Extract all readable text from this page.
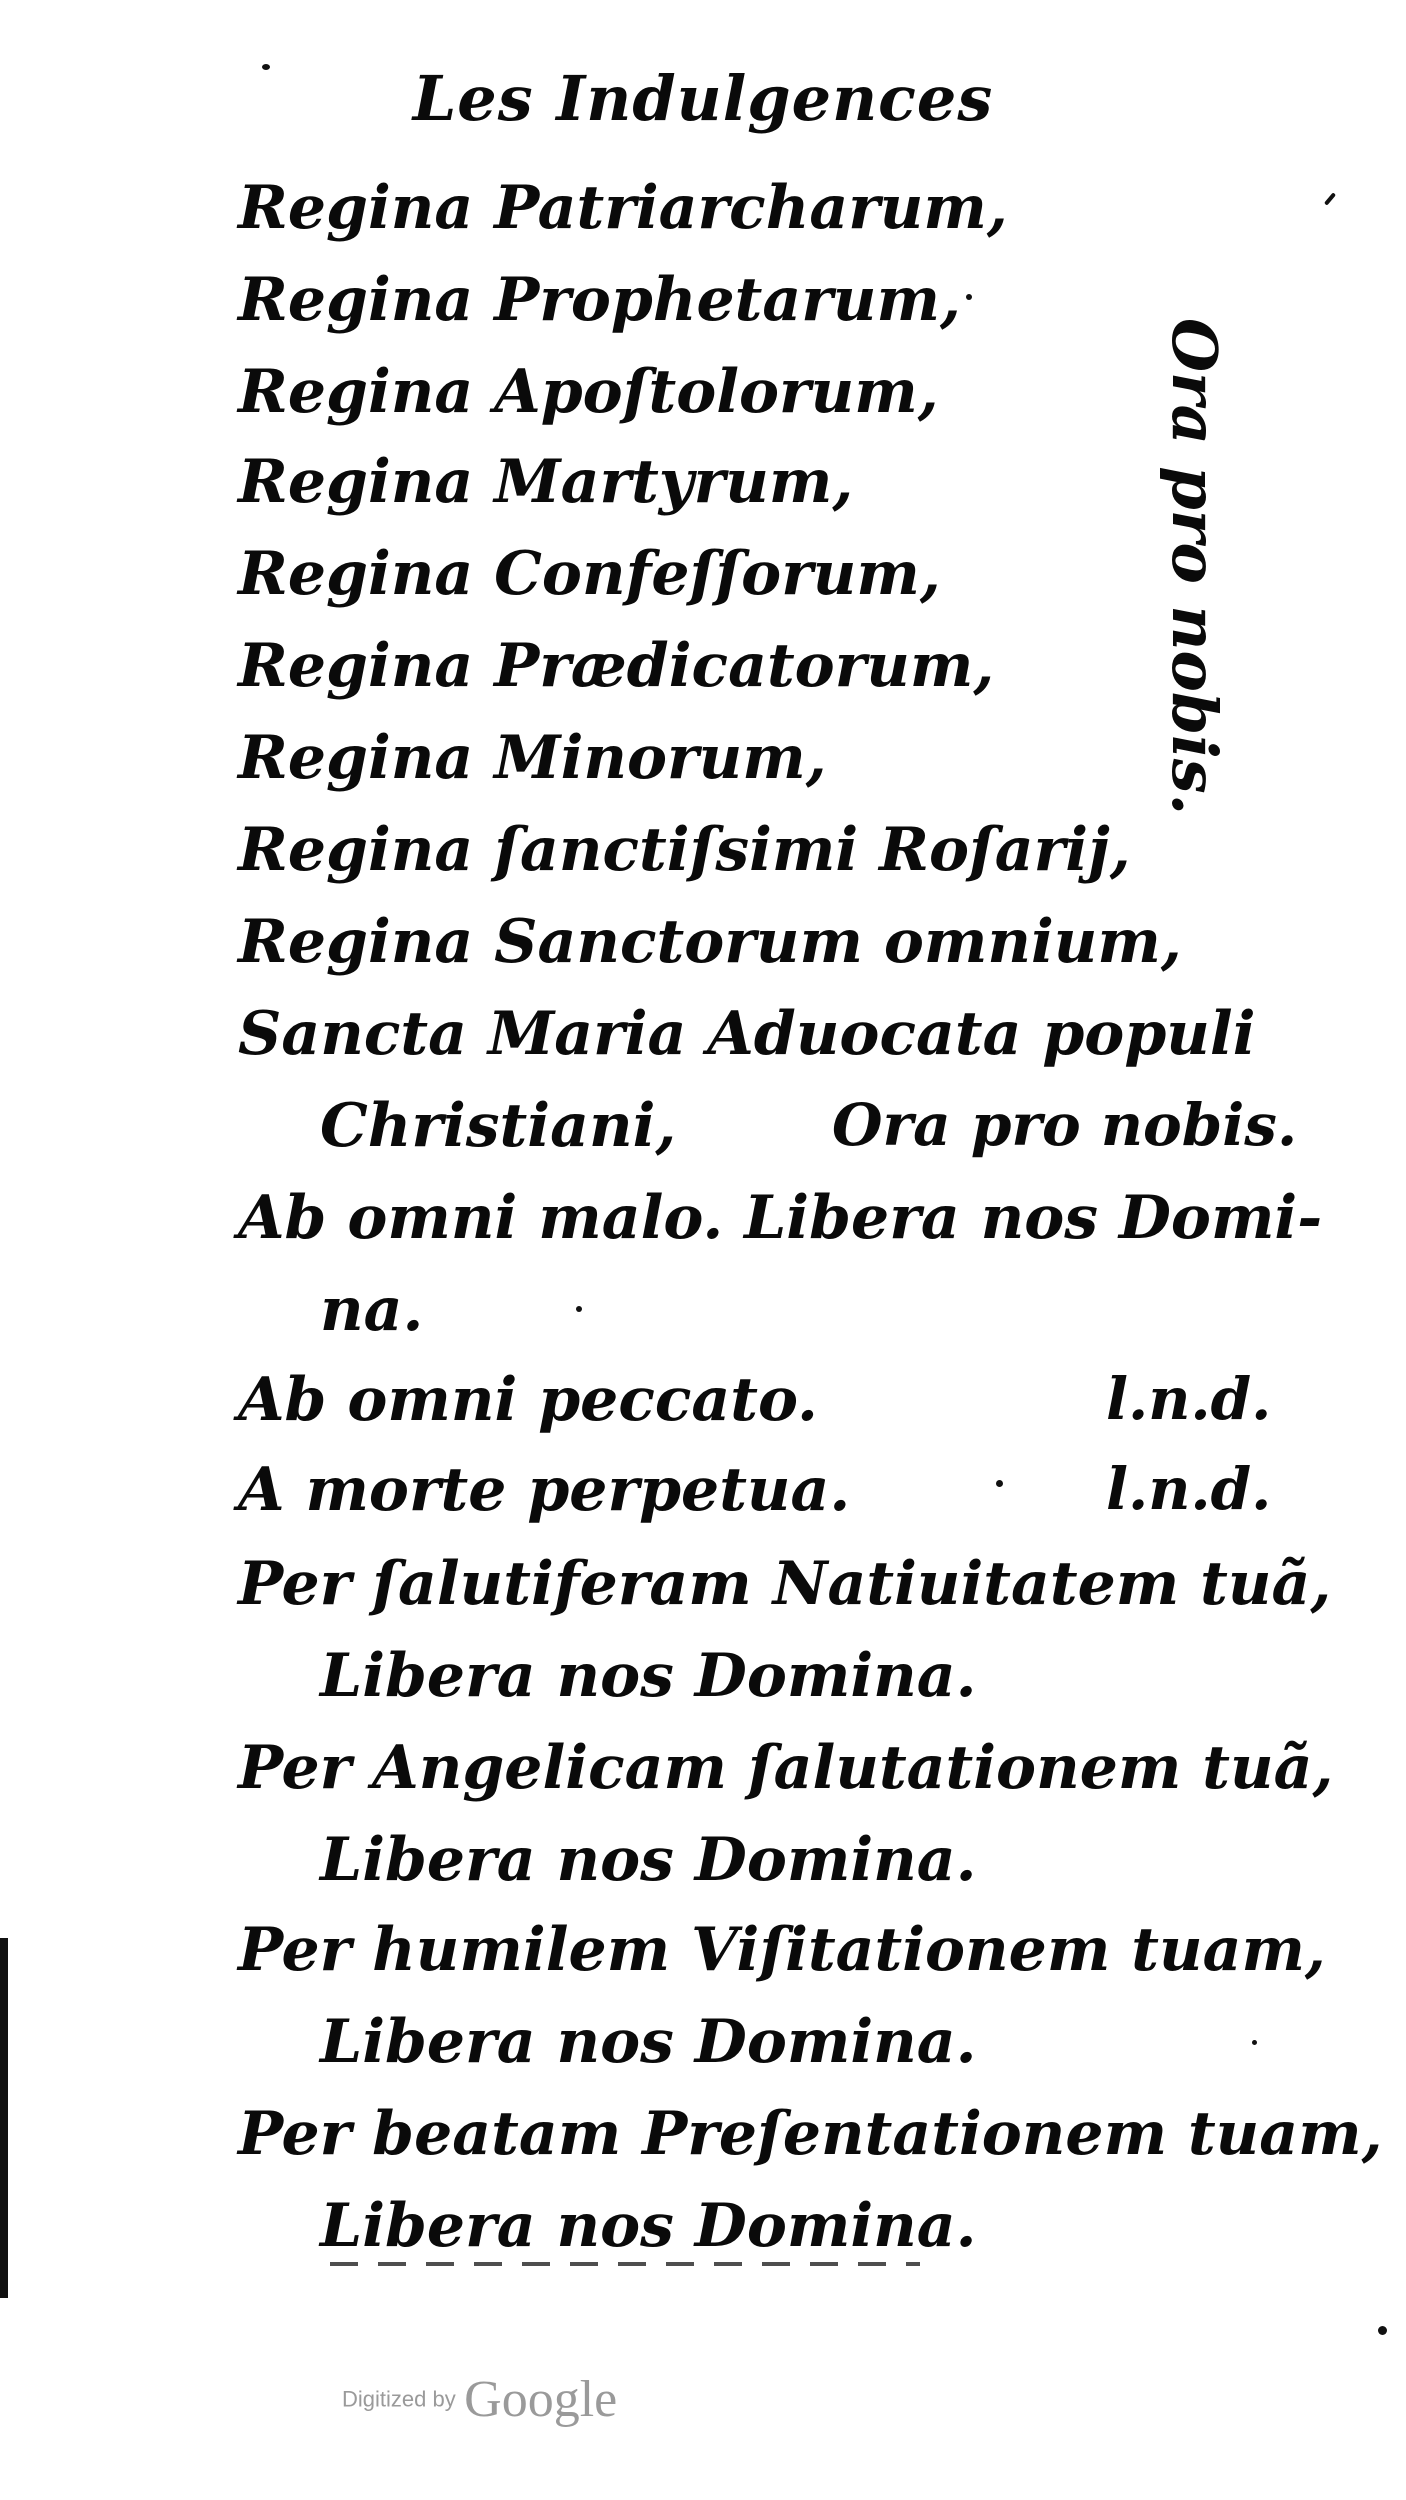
Les Indulgences
Regina Patriarcharum,
Regina Prophetarum,
Regina Apoſtolorum,
Regina Martyrum,
Regina Confeſſorum,
Regina Prædicatorum,
Regina Minorum,
Regina ſanctiſsimi Roſarij,
Regina Sanctorum omnium,
Ora pro nobis.
Sancta Maria Aduocata populi
Christiani,	Ora pro nobis.
Ab omni malo. Libera nos Domi-
na.
Ab omni peccato.	l.n.d.
A morte perpetua.	l.n.d.
Per ſalutiferam Natiuitatem tuã,
Libera nos Domina.
Per Angelicam ſalutationem tuã,
Libera nos Domina.
Per humilem Viſitationem tuam,
Libera nos Domina.
Per beatam Preſentationem tuam,
Libera nos Domina.
Digitized by Google
